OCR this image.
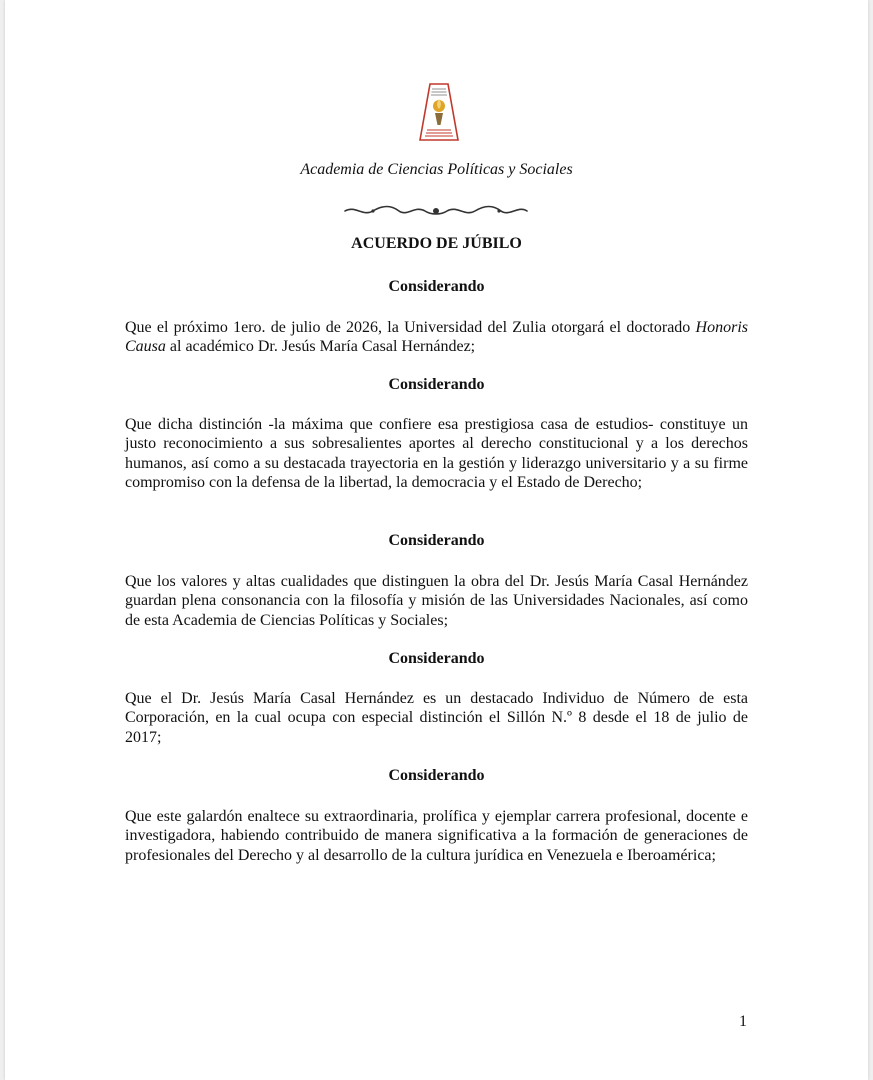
Academia de Ciencias Políticas y Sociales
ACUERDO DE JÚBILO
Considerando
Que el próximo 1ero. de julio de 2026, la Universidad del Zulia otorgará el doctorado Honoris Causa al académico Dr. Jesús María Casal Hernández;
Considerando
Que dicha distinción -la máxima que confiere esa prestigiosa casa de estudios- constituye un justo reconocimiento a sus sobresalientes aportes al derecho constitucional y a los derechos humanos, así como a su destacada trayectoria en la gestión y liderazgo universitario y a su firme compromiso con la defensa de la libertad, la democracia y el Estado de Derecho;
Considerando
Que los valores y altas cualidades que distinguen la obra del Dr. Jesús María Casal Hernández guardan plena consonancia con la filosofía y misión de las Universidades Nacionales, así como de esta Academia de Ciencias Políticas y Sociales;
Considerando
Que el Dr. Jesús María Casal Hernández es un destacado Individuo de Número de esta Corporación, en la cual ocupa con especial distinción el Sillón N.º 8 desde el 18 de julio de 2017;
Considerando
Que este galardón enaltece su extraordinaria, prolífica y ejemplar carrera profesional, docente e investigadora, habiendo contribuido de manera significativa a la formación de generaciones de profesionales del Derecho y al desarrollo de la cultura jurídica en Venezuela e Iberoamérica;
1
